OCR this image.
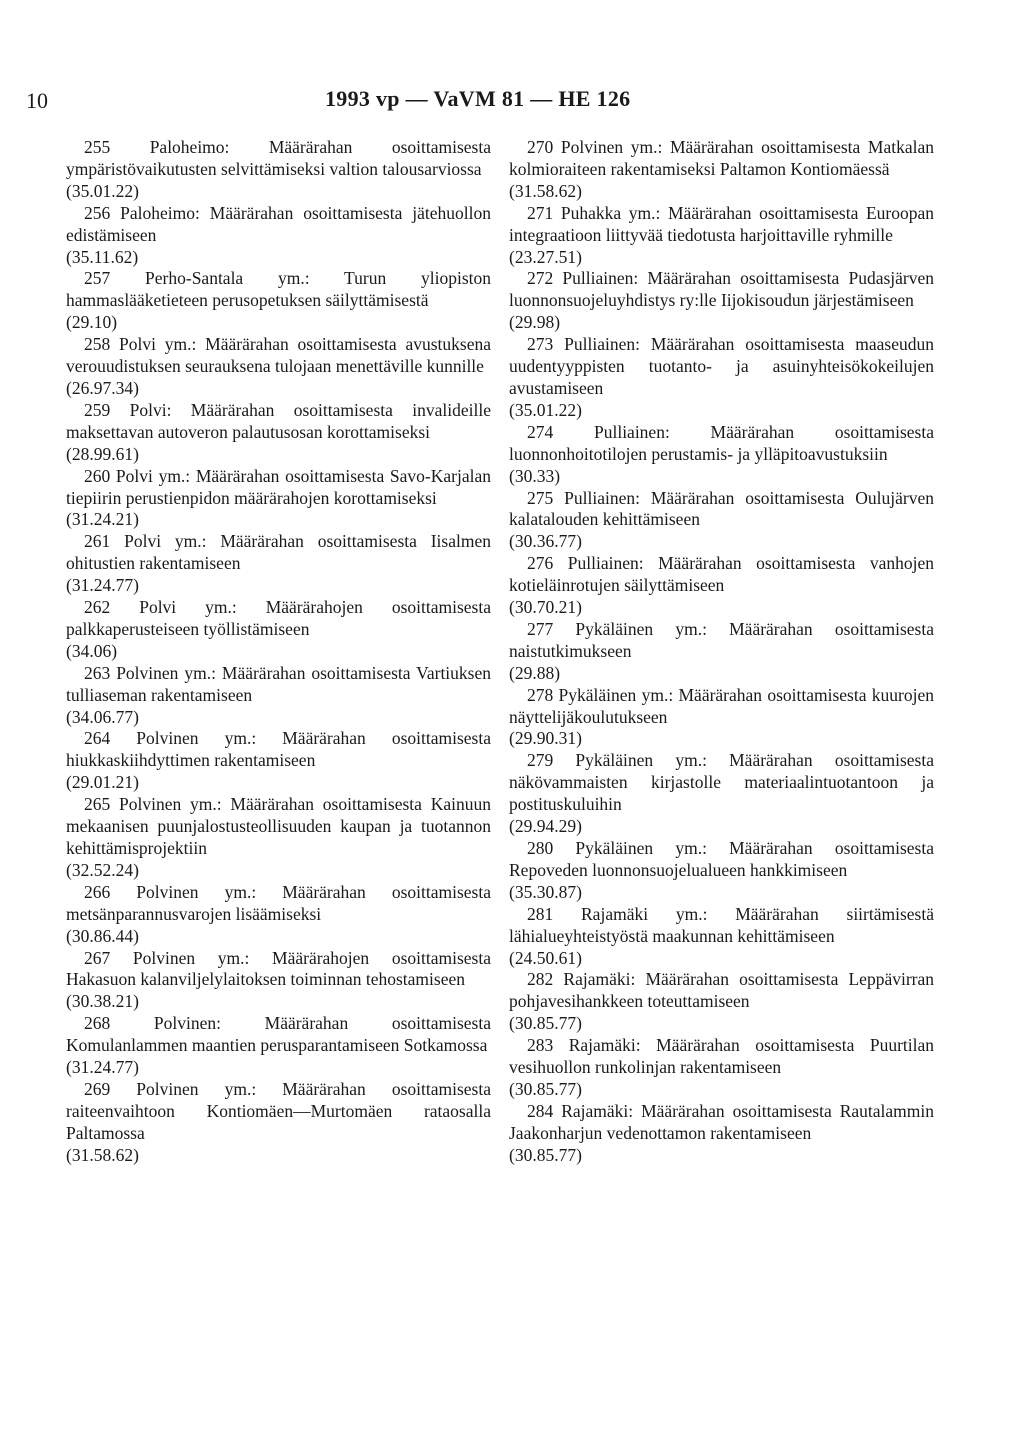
10	1993 vp — VaVM 81 — HE 126

255 Paloheimo: Määrärahan osoittamisesta ympäristövaikutusten selvittämiseksi valtion talousarviossa

(35.01.22)

256 Paloheimo: Määrärahan osoittamisesta jätehuollon edistämiseen

(35.11.62)

257 Perho-Santala ym.: Turun yliopiston hammaslääketieteen perusopetuksen säilyttämisestä

(29.10)

258 Polvi ym.: Määrärahan osoittamisesta avustuksena verouudistuksen seurauksena tulojaan menettäville kunnille

(26.97.34)

259 Polvi: Määrärahan osoittamisesta invalideille maksettavan autoveron palautusosan korottamiseksi

(28.99.61)

260 Polvi ym.: Määrärahan osoittamisesta Savo-Karjalan tiepiirin perustienpidon määrärahojen korottamiseksi

(31.24.21)

261 Polvi ym.: Määrärahan osoittamisesta Iisalmen ohitustien rakentamiseen

(31.24.77)

262 Polvi ym.: Määrärahojen osoittamisesta palkkaperusteiseen työllistämiseen

(34.06)

263 Polvinen ym.: Määrärahan osoittamisesta Vartiuksen tulliaseman rakentamiseen

(34.06.77)

264 Polvinen ym.: Määrärahan osoittamisesta hiukkaskiihdyttimen rakentamiseen

(29.01.21)

265 Polvinen ym.: Määrärahan osoittamisesta Kainuun mekaanisen puunjalostusteollisuuden kaupan ja tuotannon kehittämisprojektiin

(32.52.24)

266 Polvinen ym.: Määrärahan osoittamisesta metsänparannusvarojen lisäämiseksi

(30.86.44)

267 Polvinen ym.: Määrärahojen osoittamisesta Hakasuon kalanviljelylaitoksen toiminnan tehostamiseen

(30.38.21)

268 Polvinen: Määrärahan osoittamisesta Komulanlammen maantien perusparantamiseen Sotkamossa

(31.24.77)

269 Polvinen ym.: Määrärahan osoittamisesta raiteenvaihtoon Kontiomäen—Murtomäen rataosalla Paltamossa

(31.58.62)

270 Polvinen ym.: Määrärahan osoittamisesta Matkalan kolmioraiteen rakentamiseksi Paltamon Kontiomäessä

(31.58.62)

271 Puhakka ym.: Määrärahan osoittamisesta Euroopan integraatioon liittyvää tiedotusta harjoittaville ryhmille

(23.27.51)

272 Pulliainen: Määrärahan osoittamisesta Pudasjärven luonnonsuojeluyhdistys ry:lle Iijokisoudun järjestämiseen

(29.98)

273 Pulliainen: Määrärahan osoittamisesta maaseudun uudentyyppisten tuotanto- ja asuinyhteisökokeilujen avustamiseen

(35.01.22)

274 Pulliainen: Määrärahan osoittamisesta luonnonhoitotilojen perustamis- ja ylläpitoavustuksiin

(30.33)

275 Pulliainen: Määrärahan osoittamisesta Oulujärven kalatalouden kehittämiseen

(30.36.77)

276 Pulliainen: Määrärahan osoittamisesta vanhojen kotieläinrotujen säilyttämiseen

(30.70.21)

277 Pykäläinen ym.: Määrärahan osoittamisesta naistutkimukseen

(29.88)

278 Pykäläinen ym.: Määrärahan osoittamisesta kuurojen näyttelijäkoulutukseen

(29.90.31)

279 Pykäläinen ym.: Määrärahan osoittamisesta näkövammaisten kirjastolle materiaalintuotantoon ja postituskuluihin

(29.94.29)

280 Pykäläinen ym.: Määrärahan osoittamisesta Repoveden luonnonsuojelualueen hankkimiseen

(35.30.87)

281 Rajamäki ym.: Määrärahan siirtämisestä lähialueyhteistyöstä maakunnan kehittämiseen

(24.50.61)

282 Rajamäki: Määrärahan osoittamisesta Leppävirran pohjavesihankkeen toteuttamiseen

(30.85.77)

283 Rajamäki: Määrärahan osoittamisesta Puurtilan vesihuollon runkolinjan rakentamiseen

(30.85.77)

284 Rajamäki: Määrärahan osoittamisesta Rautalammin Jaakonharjun vedenottamon rakentamiseen

(30.85.77)
